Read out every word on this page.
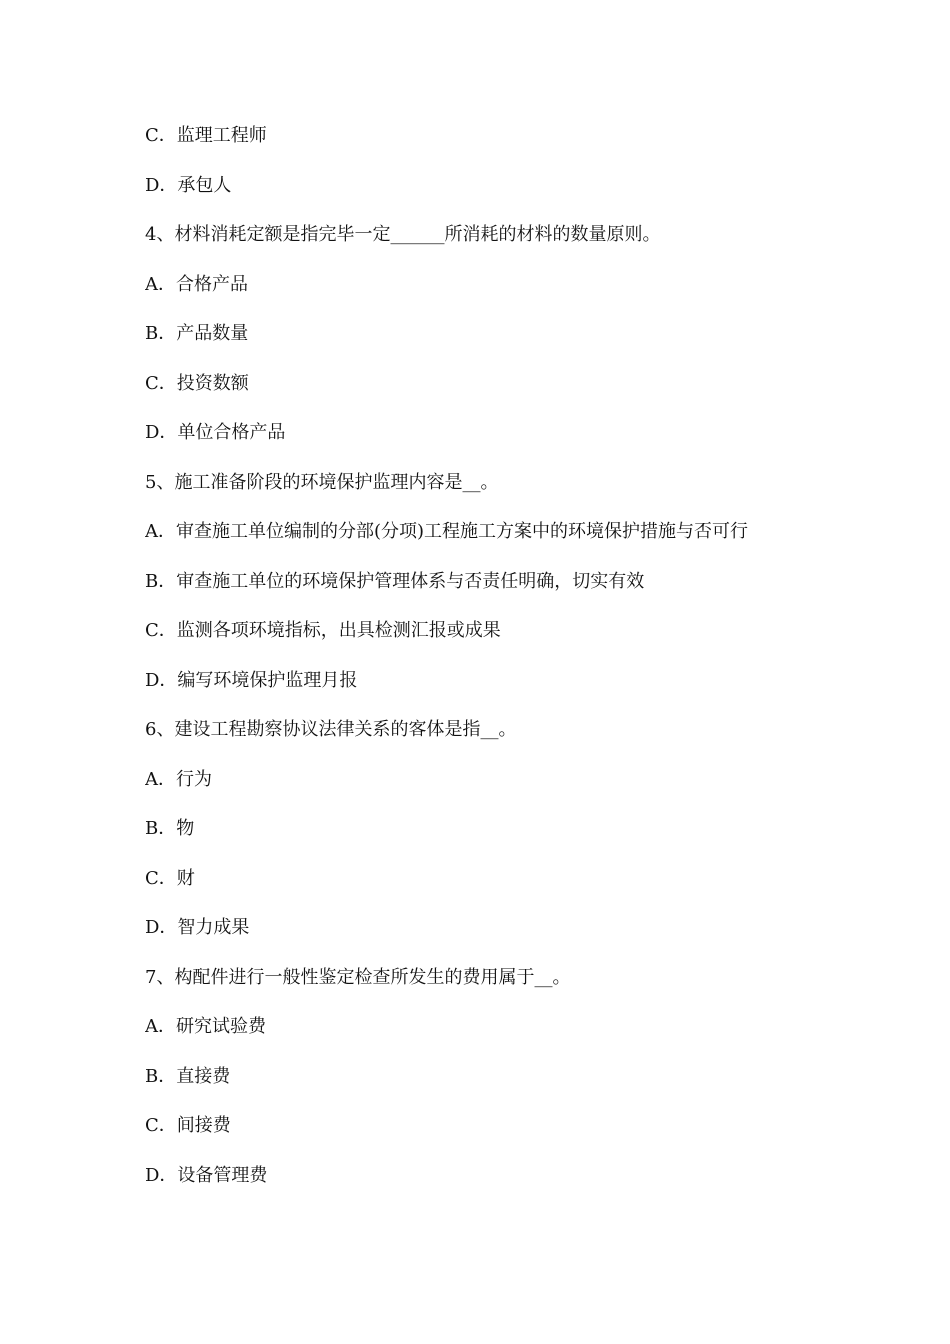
C．监理工程师
D．承包人
4、材料消耗定额是指完毕一定______所消耗的材料的数量原则。
A．合格产品
B．产品数量
C．投资数额
D．单位合格产品
5、施工准备阶段的环境保护监理内容是__。
A．审查施工单位编制的分部(分项)工程施工方案中的环境保护措施与否可行
B．审查施工单位的环境保护管理体系与否责任明确，切实有效
C．监测各项环境指标，出具检测汇报或成果
D．编写环境保护监理月报
6、建设工程勘察协议法律关系的客体是指__。
A．行为
B．物
C．财
D．智力成果
7、构配件进行一般性鉴定检查所发生的费用属于__。
A．研究试验费
B．直接费
C．间接费
D．设备管理费
